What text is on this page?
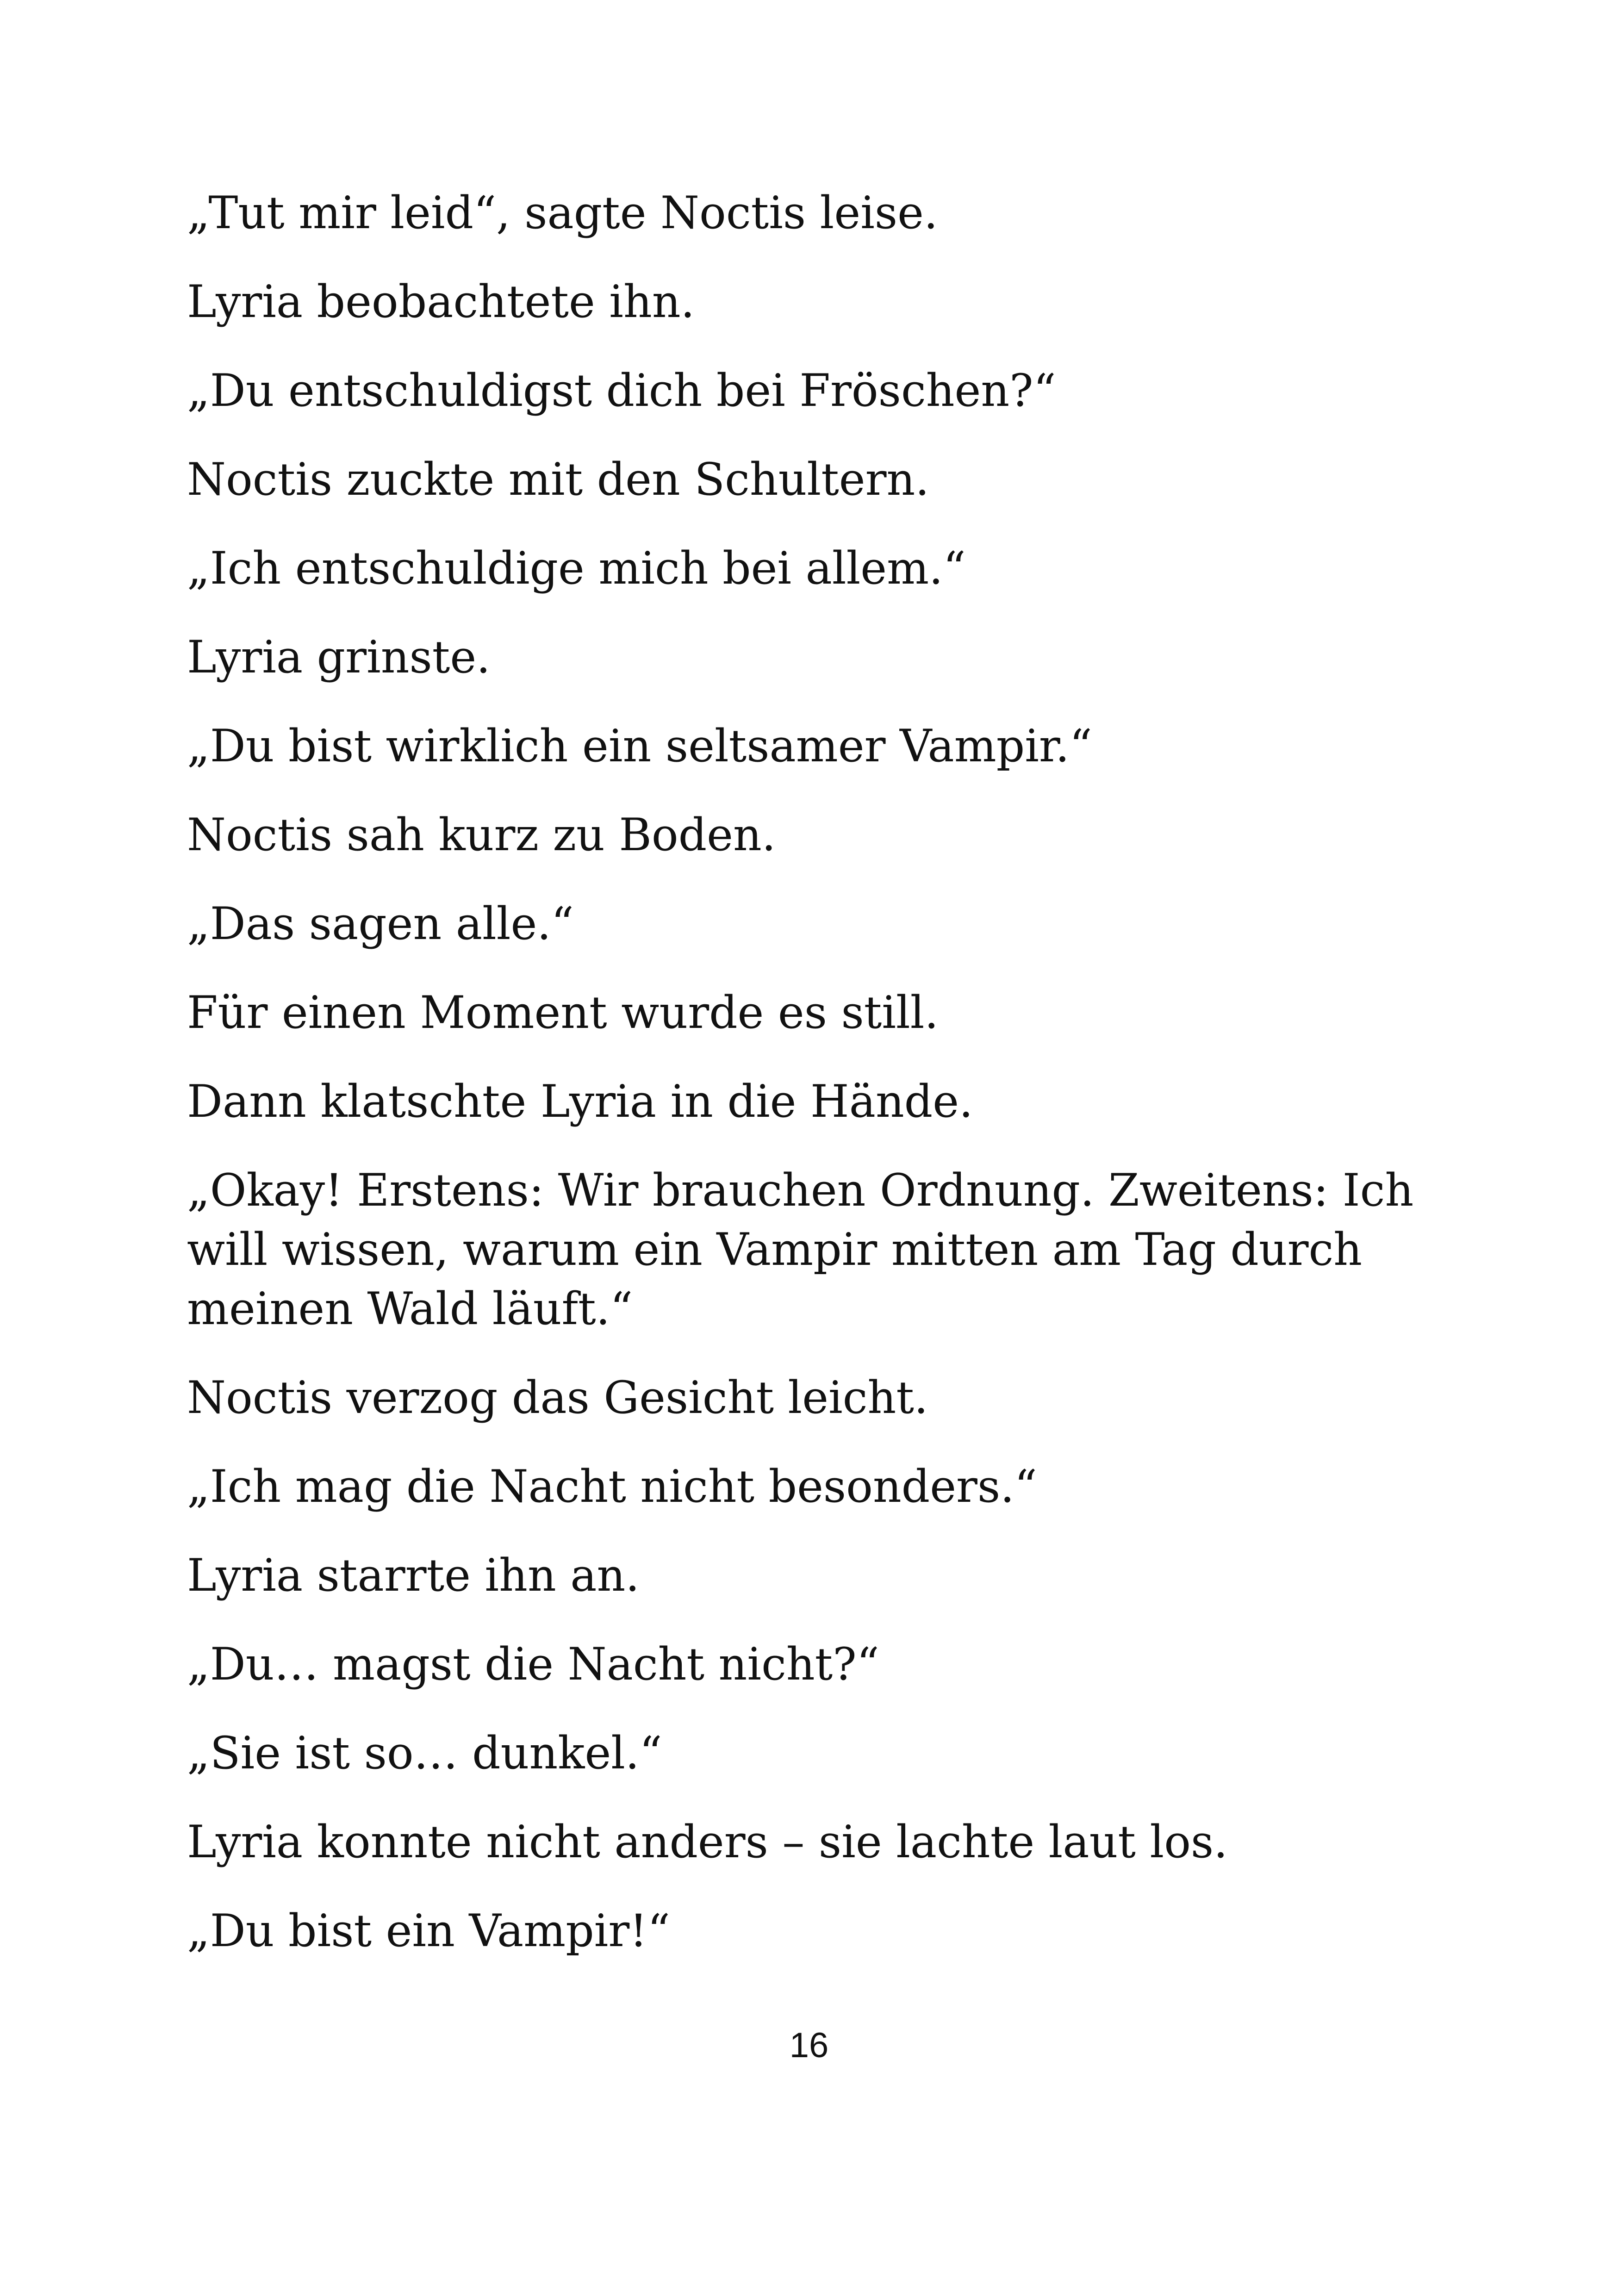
„Tut mir leid“, sagte Noctis leise.

Lyria beobachtete ihn.

„Du entschuldigst dich bei Fröschen?“

Noctis zuckte mit den Schultern.

„Ich entschuldige mich bei allem.“

Lyria grinste.

„Du bist wirklich ein seltsamer Vampir.“

Noctis sah kurz zu Boden.

„Das sagen alle.“

Für einen Moment wurde es still.

Dann klatschte Lyria in die Hände.

„Okay! Erstens: Wir brauchen Ordnung. Zweitens: Ich
will wissen, warum ein Vampir mitten am Tag durch
meinen Wald läuft.“

Noctis verzog das Gesicht leicht.

„Ich mag die Nacht nicht besonders.“

Lyria starrte ihn an.

„Du… magst die Nacht nicht?“

„Sie ist so… dunkel.“

Lyria konnte nicht anders – sie lachte laut los.

„Du bist ein Vampir!“

16
